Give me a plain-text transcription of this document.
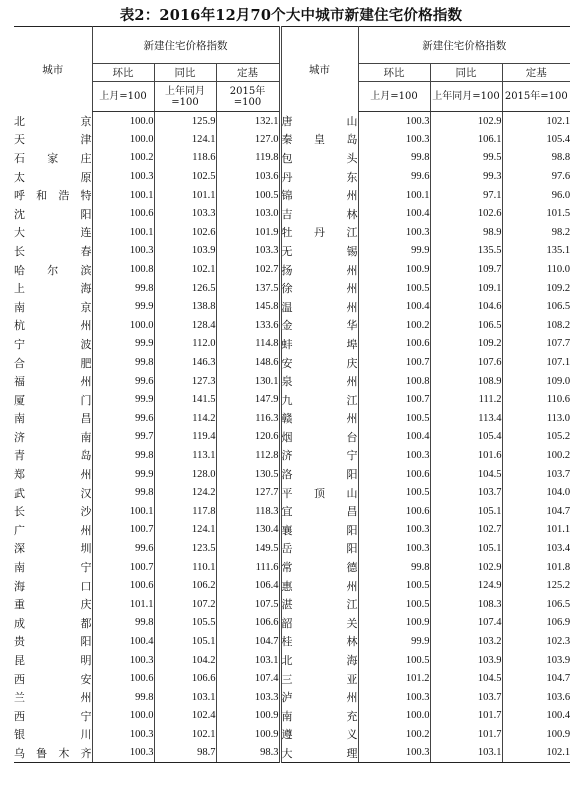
表2：2016年12月70个大中城市新建住宅价格指数
城市	新建住宅价格指数			城市	新建住宅价格指数		
	环比	同比	定基		环比	同比	定基
	上月=100	上年同月=100	2015年=100		上月=100	上年同月=100	2015年=100
北京	100.0	125.9	132.1	唐山	100.3	102.9	102.1
天津	100.0	124.1	127.0	秦皇岛	100.3	106.1	105.4
石家庄	100.2	118.6	119.8	包头	99.8	99.5	98.8
太原	100.3	102.5	103.6	丹东	99.6	99.3	97.6
呼和浩特	100.1	101.1	100.5	锦州	100.1	97.1	96.0
沈阳	100.6	103.3	103.0	吉林	100.4	102.6	101.5
大连	100.1	102.6	101.9	牡丹江	100.3	98.9	98.2
长春	100.3	103.9	103.3	无锡	99.9	135.5	135.1
哈尔滨	100.8	102.1	102.7	扬州	100.9	109.7	110.0
上海	99.8	126.5	137.5	徐州	100.5	109.1	109.2
南京	99.9	138.8	145.8	温州	100.4	104.6	106.5
杭州	100.0	128.4	133.6	金华	100.2	106.5	108.2
宁波	99.9	112.0	114.8	蚌埠	100.6	109.2	107.7
合肥	99.8	146.3	148.6	安庆	100.7	107.6	107.1
福州	99.6	127.3	130.1	泉州	100.8	108.9	109.0
厦门	99.9	141.5	147.9	九江	100.7	111.2	110.6
南昌	99.6	114.2	116.3	赣州	100.5	113.4	113.0
济南	99.7	119.4	120.6	烟台	100.4	105.4	105.2
青岛	99.8	113.1	112.8	济宁	100.3	101.6	100.2
郑州	99.9	128.0	130.5	洛阳	100.6	104.5	103.7
武汉	99.8	124.2	127.7	平顶山	100.5	103.7	104.0
长沙	100.1	117.8	118.3	宜昌	100.6	105.1	104.7
广州	100.7	124.1	130.4	襄阳	100.3	102.7	101.1
深圳	99.6	123.5	149.5	岳阳	100.3	105.1	103.4
南宁	100.7	110.1	111.6	常德	99.8	102.9	101.8
海口	100.6	106.2	106.4	惠州	100.5	124.9	125.2
重庆	101.1	107.2	107.5	湛江	100.5	108.3	106.5
成都	99.8	105.5	106.6	韶关	100.9	107.4	106.9
贵阳	100.4	105.1	104.7	桂林	99.9	103.2	102.3
昆明	100.3	104.2	103.1	北海	100.5	103.9	103.9
西安	100.6	106.6	107.4	三亚	101.2	104.5	104.7
兰州	99.8	103.1	103.3	泸州	100.3	103.7	103.6
西宁	100.0	102.4	100.9	南充	100.0	101.7	100.4
银川	100.3	102.1	100.9	遵义	100.2	101.7	100.9
乌鲁木齐	100.3	98.7	98.3	大理	100.3	103.1	102.1
